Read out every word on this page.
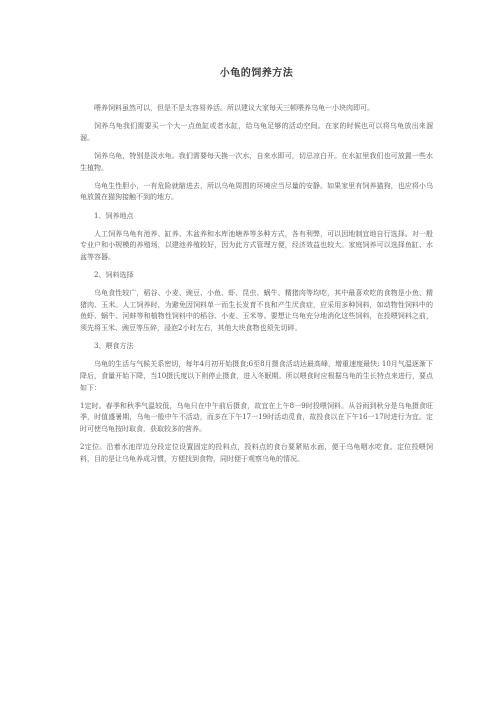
小龟的饲养方法
喂养饲料虽然可以，但是不是太容易养活。所以建议大家每天三顿喂养乌龟一小块肉即可。
饲养乌龟我们需要买一个大一点鱼缸或者水缸，给乌龟足够的活动空间。在家的时候也可以将乌龟放出来溜溜。
饲养乌龟，特别是淡水龟。我们需要每天换一次水，自来水即可，切忌凉白开。在水缸里我们也可放置一些水生植物。
乌龟生性胆小，一有危险就缩进去，所以乌龟周围的环境应当尽量的安静。如果家里有饲养猫狗，也应将小乌龟放置在猫狗接触不到的地方。
1、饲养地点
人工饲养乌龟有池养、缸养、木盆养和水库池塘养等多种方式，各有利弊，可以因地制宜地自行选择。对一般专业户和小规模的养殖场，以建池养殖较好，因为此方式管理方便，经济效益也较大。家庭饲养可以选择鱼缸、水盆等容器。
2、饲料选择
乌龟食性较广，稻谷、小麦、豌豆、小鱼、虾、昆虫、蜗牛、精猪肉等均吃，其中最喜欢吃的食物是小鱼、精猪肉、玉米。人工饲养时，为避免因饲料单一而生长发育不良和产生厌食症，应采用多种饲料，如动物性饲料中的鱼虾、蜗牛、河蚌等和植物性饲料中的稻谷、小麦、玉米等。要想让乌龟充分地消化这些饲料，在投喂饲料之前，须先将玉米、豌豆等压碎，浸泡2小时左右，其他大块食物也须先切碎。
3、喂食方法
乌龟的生活与气候关系密切，每年4月初开始摄食;6至8月摄食活动达最高峰，增重速度最快; 10月气温逐渐下降后，食量开始下降，当10摄氏度以下则停止摄食，进入冬眠期。所以喂食时应根据乌龟的生长特点来进行，要点如下：
1定时。春季和秋季气温较低，乌龟只在中午前后摄食，故宜在上午8一9时投喂饲料。从谷雨到秋分是乌龟摄食旺季，时值盛暑期，乌龟一般中午不活动，而多在下午17一19时活动觅食，故投食以在下午16一17时进行为宜。定时可使乌龟按时取食，获取较多的营养。
2定位。沿着水池岸边分段定位设置固定的投料点，投料点的食台要紧贴水面，便于乌龟咽水吃食。定位投喂饲料，目的是让乌龟养成习惯，方便找到食物，同时便于观察乌龟的情况。
